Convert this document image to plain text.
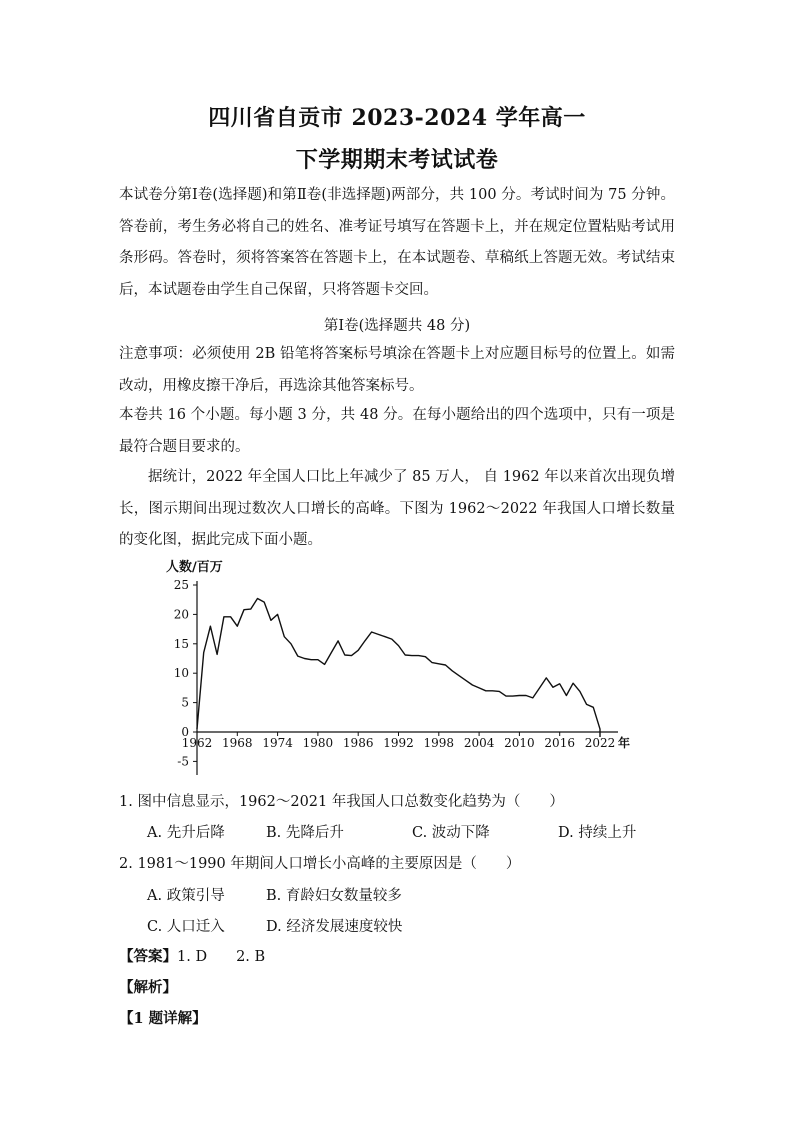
四川省自贡市 2023-2024 学年高一
下学期期末考试试卷
本试卷分第Ⅰ卷(选择题)和第Ⅱ卷(非选择题)两部分，共 100 分。考试时间为 75 分钟。答卷前，考生务必将自己的姓名、准考证号填写在答题卡上，并在规定位置粘贴考试用条形码。答卷时，须将答案答在答题卡上，在本试题卷、草稿纸上答题无效。考试结束后，本试题卷由学生自己保留，只将答题卡交回。
第Ⅰ卷(选择题共 48 分)
注意事项：必须使用 2B 铅笔将答案标号填涂在答题卡上对应题目标号的位置上。如需改动，用橡皮擦干净后，再选涂其他答案标号。
本卷共 16 个小题。每小题 3 分，共 48 分。在每小题给出的四个选项中，只有一项是最符合题目要求的。
据统计，2022 年全国人口比上年减少了 85 万人， 自 1962 年以来首次出现负增长，图示期间出现过数次人口增长的高峰。下图为 1962～2022 年我国人口增长数量的变化图，据此完成下面小题。
人数/百万
-5
0
5
10
15
20
25
1962 1968 1974 1980 1986 1992 1998 2004 2010 2016 2022 年
1. 图中信息显示，1962～2021 年我国人口总数变化趋势为（　　）
A. 先升后降	B. 先降后升	C. 波动下降	D. 持续上升
2. 1981～1990 年期间人口增长小高峰的主要原因是（　　）
A. 政策引导	B. 育龄妇女数量较多
C. 人口迁入	D. 经济发展速度较快
【答案】1. D　　2. B
【解析】
【1 题详解】
